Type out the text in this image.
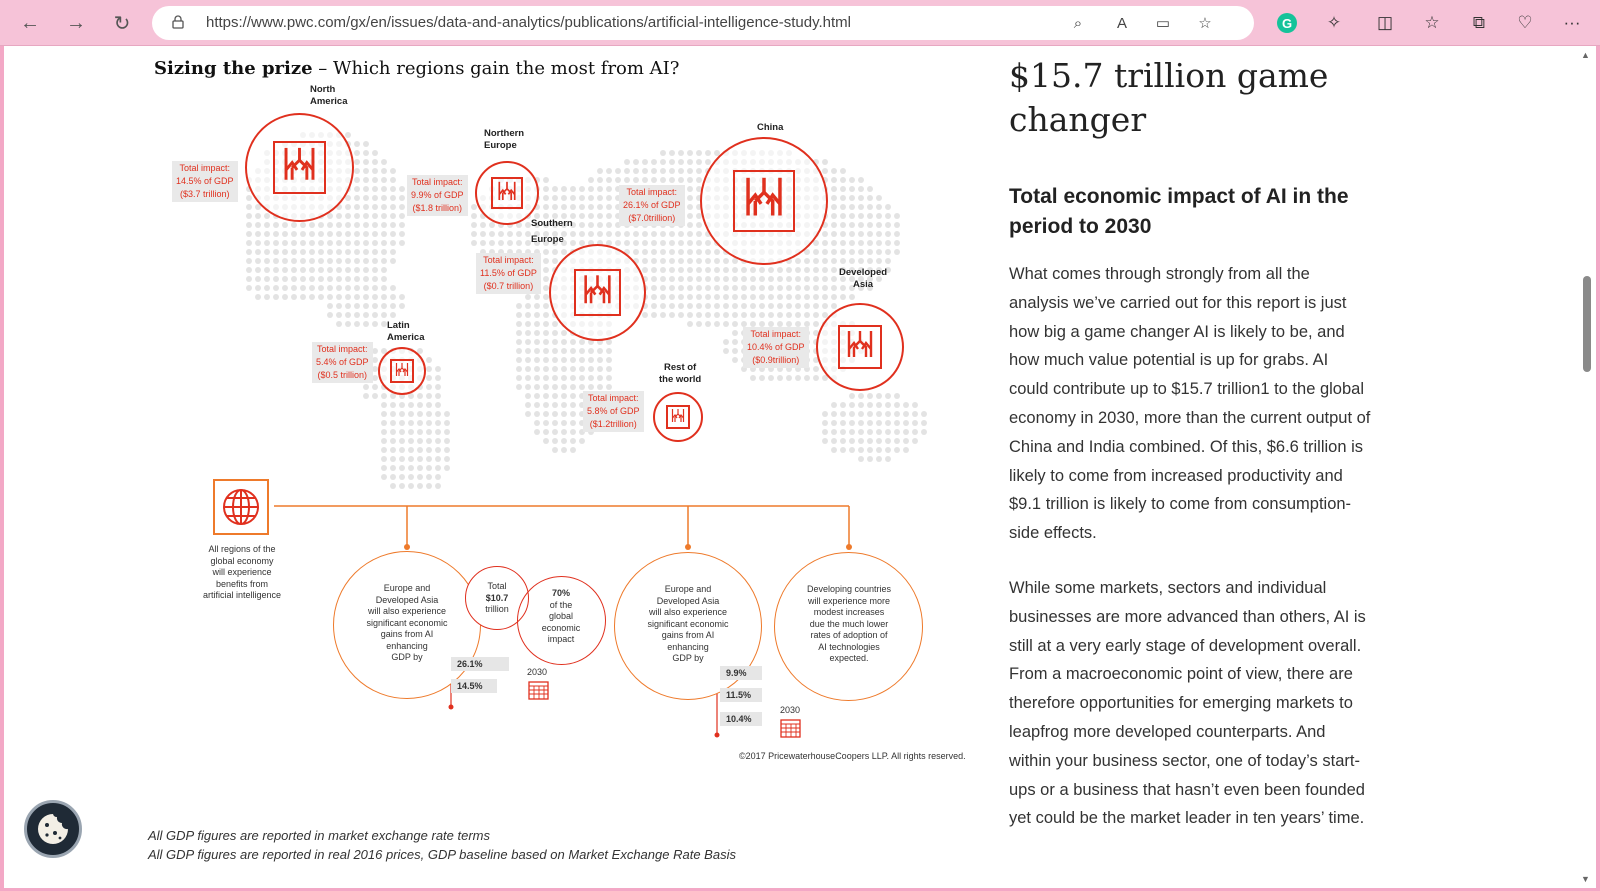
← → ↻	https://www.pwc.com/gx/en/issues/data-and-analytics/publications/artificial-intelligence-study.html	⌕	A	▭ ☆	G ✧ ◫ ☆	⧉	♡ ···
Sizing the prize – Which regions gain the most from AI?
North
America
Northern
Europe
China
Southern
Europe
Developed
Asia
Latin
America
Rest of
the world
Total impact:
14.5% of GDP
($3.7 trillion)
Total impact:
9.9% of GDP
($1.8 trillion)
Total impact:
26.1% of GDP
($7.0trillion)
Total impact:
11.5% of GDP
($0.7 trillion)
Total impact:
10.4% of GDP
($0.9trillion)
Total impact:
5.4% of GDP
($0.5 trillion)
Total impact:
5.8% of GDP
($1.2trillion)
All regions of the
global economy
will experience
benefits from
artificial intelligence
Europe and
Developed Asia
will also experience
significant economic
gains from AI
enhancing
GDP by
Total
$10.7
trillion
70%
of the
global
economic
impact
26.1%
14.5%
2030
Europe and
Developed Asia
will also experience
significant economic
gains from AI
enhancing
GDP by
9.9%
11.5%
10.4%
2030
Developing countries
will experience more
modest increases
due the much lower
rates of adoption of
AI technologies
expected.
©2017 PricewaterhouseCoopers LLP. All rights reserved.
All GDP figures are reported in market exchange rate terms
All GDP figures are reported in real 2016 prices, GDP baseline based on Market Exchange Rate Basis
$15.7 trillion game changer
Total economic impact of AI in the period to 2030
What comes through strongly from all the analysis we’ve carried out for this report is just how big a game changer AI is likely to be, and how much value potential is up for grabs. AI could contribute up to $15.7 trillion1 to the global economy in 2030, more than the current output of China and India combined. Of this, $6.6 trillion is likely to come from increased productivity and $9.1 trillion is likely to come from consumption-side effects.
While some markets, sectors and individual businesses are more advanced than others, AI is still at a very early stage of development overall. From a macroeconomic point of view, there are therefore opportunities for emerging markets to leapfrog more developed counterparts. And within your business sector, one of today’s start-ups or a business that hasn’t even been founded yet could be the market leader in ten years’ time.
▲
▼
